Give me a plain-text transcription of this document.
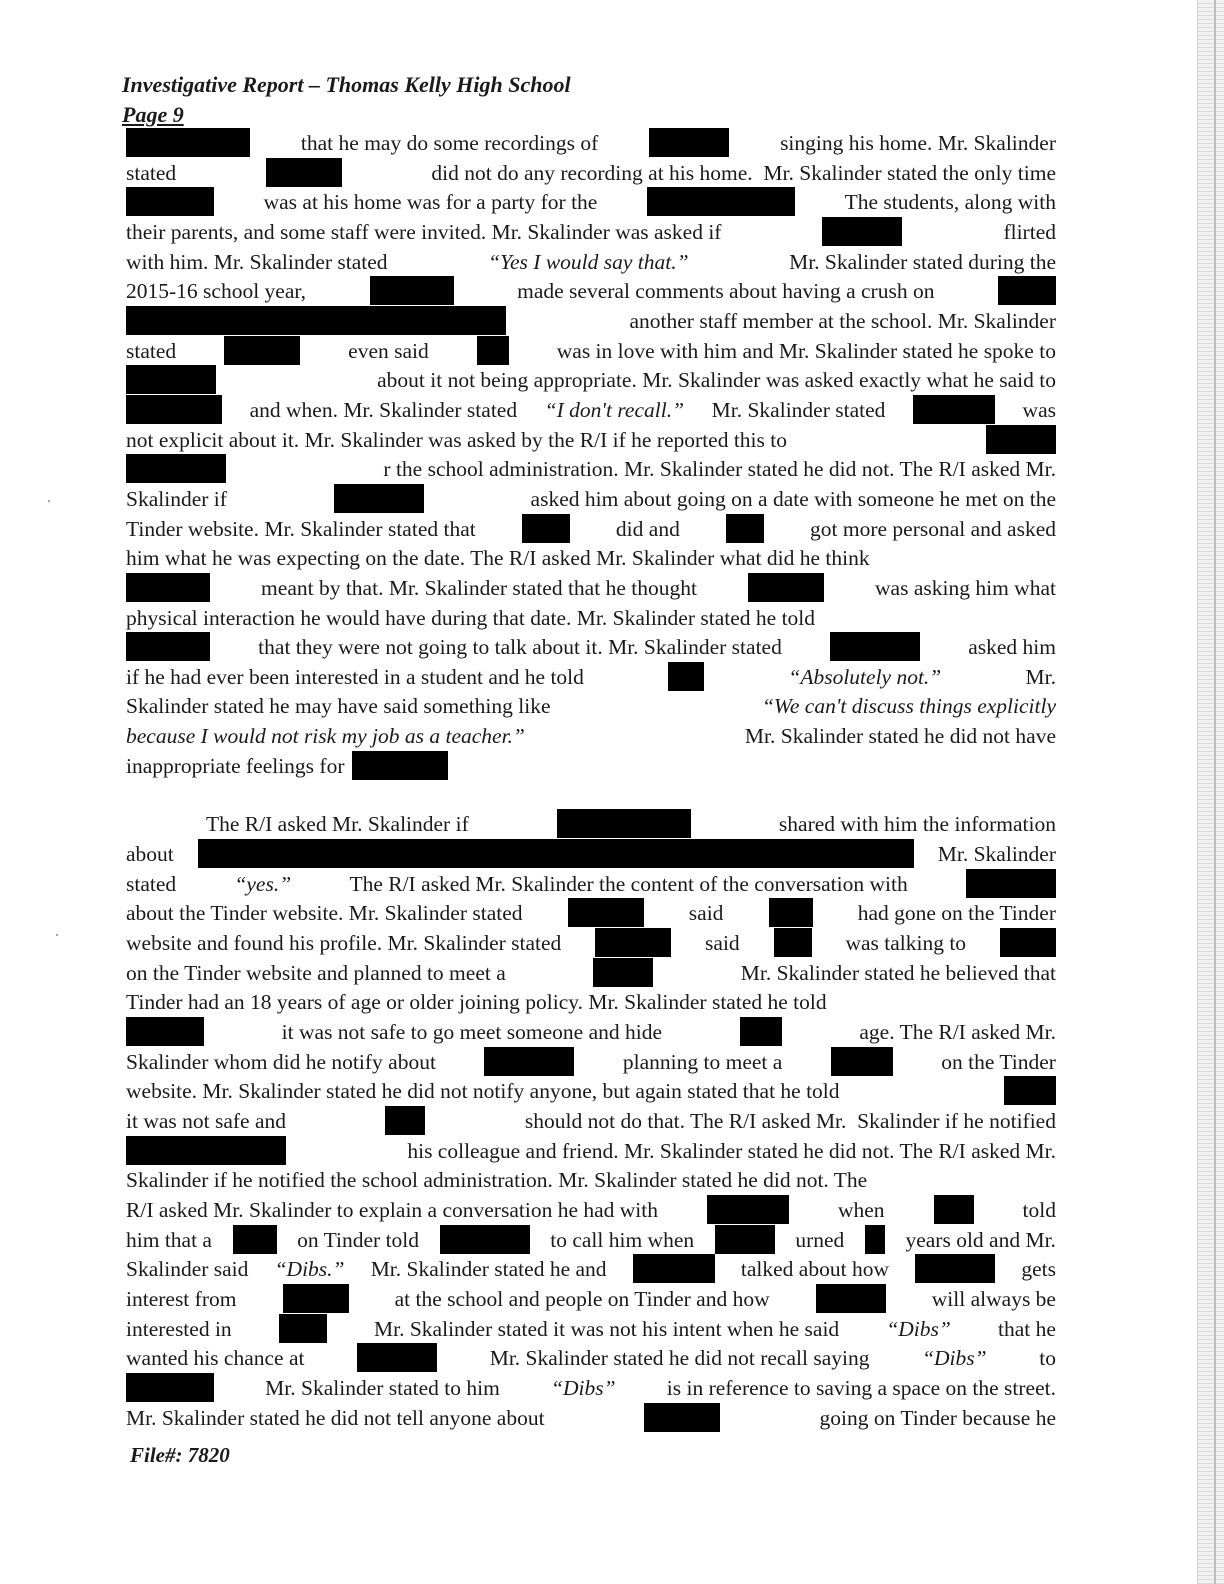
Investigative Report – Thomas Kelly High School
Page 9
that he may do some recordings of	singing his home. Mr. Skalinder
stated	did not do any recording at his home.  Mr. Skalinder stated the only time
was at his home was for a party for the	The students, along with
their parents, and some staff were invited. Mr. Skalinder was asked if	flirted
with him. Mr. Skalinder stated	“Yes I would say that.”	Mr. Skalinder stated during the
2015-16 school year,	made several comments about having a crush on
another staff member at the school. Mr. Skalinder
stated	even said	was in love with him and Mr. Skalinder stated he spoke to
about it not being appropriate. Mr. Skalinder was asked exactly what he said to
and when. Mr. Skalinder stated “I don't recall.” Mr. Skalinder stated	was
not explicit about it. Mr. Skalinder was asked by the R/I if he reported this to
r the school administration. Mr. Skalinder stated he did not. The R/I asked Mr.
Skalinder if	asked him about going on a date with someone he met on the
Tinder website. Mr. Skalinder stated that	did and	got more personal and asked
him what he was expecting on the date. The R/I asked Mr. Skalinder what did he think
meant by that. Mr. Skalinder stated that he thought	was asking him what
physical interaction he would have during that date. Mr. Skalinder stated he told
that they were not going to talk about it. Mr. Skalinder stated	asked him
if he had ever been interested in a student and he told	“Absolutely not.”	Mr.
Skalinder stated he may have said something like	“We can't discuss things explicitly
because I would not risk my job as a teacher.”	Mr. Skalinder stated he did not have
inappropriate feelings for
The R/I asked Mr. Skalinder if	shared with him the information
about	Mr. Skalinder
stated	“yes.”	The R/I asked Mr. Skalinder the content of the conversation with
about the Tinder website. Mr. Skalinder stated	said	had gone on the Tinder
website and found his profile. Mr. Skalinder stated	said	was talking to
on the Tinder website and planned to meet a	Mr. Skalinder stated he believed that
Tinder had an 18 years of age or older joining policy. Mr. Skalinder stated he told
it was not safe to go meet someone and hide	age. The R/I asked Mr.
Skalinder whom did he notify about	planning to meet a	on the Tinder
website. Mr. Skalinder stated he did not notify anyone, but again stated that he told
it was not safe and	should not do that. The R/I asked Mr.  Skalinder if he notified
his colleague and friend. Mr. Skalinder stated he did not. The R/I asked Mr.
Skalinder if he notified the school administration. Mr. Skalinder stated he did not. The
R/I asked Mr. Skalinder to explain a conversation he had with	when	told
him that a	on Tinder told	to call him when	urned	years old and Mr.
Skalinder said “Dibs.” Mr. Skalinder stated he and	talked about how	gets
interest from	at the school and people on Tinder and how	will always be
interested in	Mr. Skalinder stated it was not his intent when he said “Dibs” that he
wanted his chance at	Mr. Skalinder stated he did not recall saying “Dibs” to
Mr. Skalinder stated to him “Dibs” is in reference to saving a space on the street.
Mr. Skalinder stated he did not tell anyone about	going on Tinder because he
File#: 7820
